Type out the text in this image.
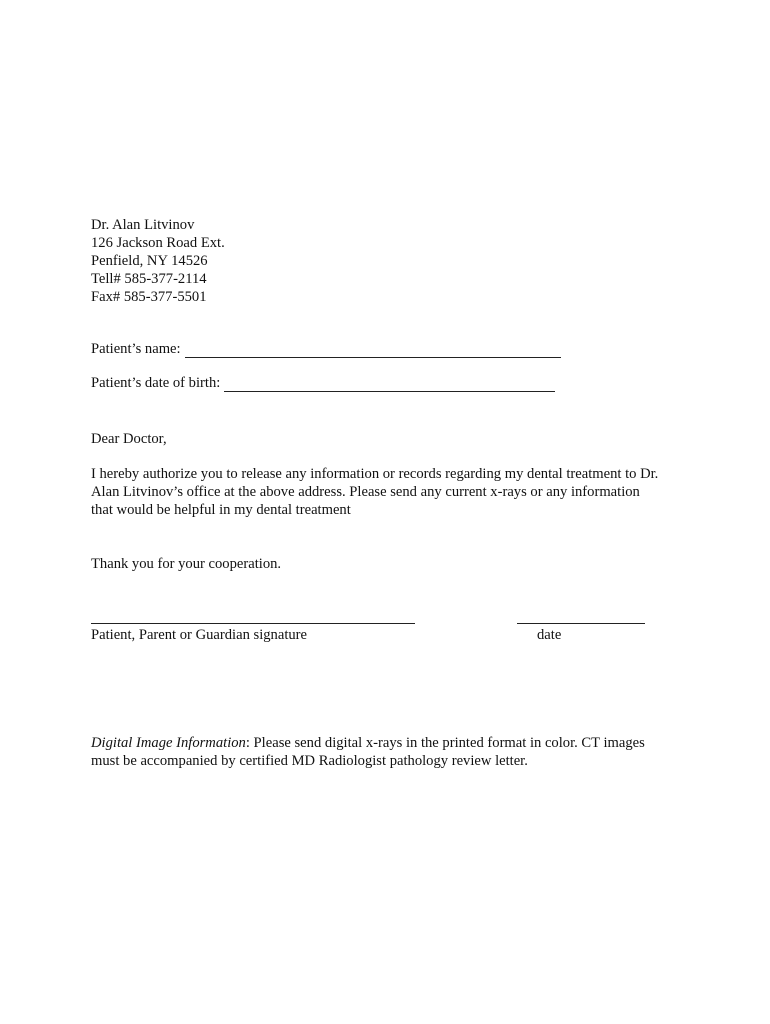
Dr. Alan Litvinov
126 Jackson Road Ext.
Penfield, NY 14526
Tell# 585-377-2114
Fax# 585-377-5501
Patient’s name:
Patient’s date of birth:
Dear Doctor,
I hereby authorize you to release any information or records regarding my dental treatment to Dr.
Alan Litvinov’s office at the above address. Please send any current x-rays or any information
that would be helpful in my dental treatment
Thank you for your cooperation.
Patient, Parent or Guardian signature	date
Digital Image Information: Please send digital x-rays in the printed format in color. CT images
must be accompanied by certified MD Radiologist pathology review letter.
